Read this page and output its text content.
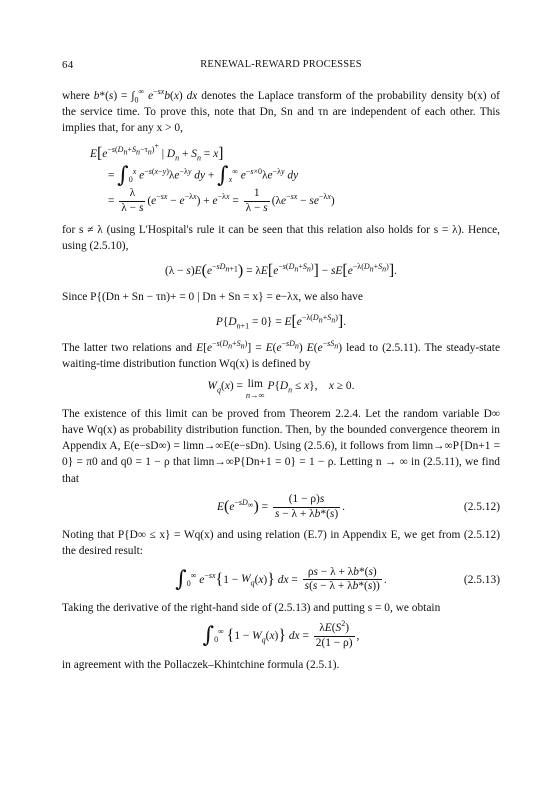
64	RENEWAL-REWARD PROCESSES

where $b*(s) = \int_0^\infty$ $e^{-sx}b(x)$ dx denotes the Laplace transform of the probability density b(x) of the service time. To prove this, note that Dn, Sn and τn are independent of each other. This implies that, for any x > 0,

$E[e^{-s(D_n+S_n-\tau_n)^+}$ | $D_n + S_n = x$]
= $\int_0^x$ $e^{-s(x-y)}\lambda e^{-\lambda y}$ dy + $\int_x^\infty$ $e^{-s\times 0}\lambda e^{-\lambda y}$ dy
= $\frac{\lambda}{\lambda - s} (e^{-sx} - e^{-\lambda x}) + e^{-\lambda x} = \frac{1}{\lambda - s} (\lambda e^{-sx} - se^{-\lambda x})$

for s ≠ λ (using L'Hospital's rule it can be seen that this relation also holds for s = λ). Hence, using (2.5.10),

$(\lambda - s)E(e^{-sD_{n+1}}) = \lambda E[e^{-s(D_n+S_n)}] - sE[e^{-\lambda(D_n+S_n)}]$.

Since P{(Dn + Sn − τn)+ = 0 | Dn + Sn = x} = e−λx, we also have

$P\{D_{n+1} = 0\} = E[e^{-\lambda(D_n+S_n)}]$.

The latter two relations and $E[e^{-s(D_n+S_n)}] = E(e^{-sD_n})$ $E(e^{-sS_n})$ lead to (2.5.11). The steady-state waiting-time distribution function Wq(x) is defined by

$W_q(x) = \lim$
n→∞
$P\{D_n \le x\}$,    x ≥ 0.

The existence of this limit can be proved from Theorem 2.2.4. Let the random variable D∞ have Wq(x) as probability distribution function. Then, by the bounded convergence theorem in Appendix A, E(e−sD∞) = limn→∞E(e−sDn). Using (2.5.6), it follows from limn→∞P{Dn+1 = 0} = π0 and q0 = 1 − ρ that limn→∞P{Dn+1 = 0} = 1 − ρ. Letting n → ∞ in (2.5.11), we find that

$E(e^{-sD_\infty}) = \frac{(1 - \rho)s}{s - \lambda + \lambda b*(s)}$ .	(2.5.12)

Noting that P{D∞ ≤ x} = Wq(x) and using relation (E.7) in Appendix E, we get from (2.5.12) the desired result:

$\int_0^\infty$ $e^{-sx}\{1 - W_q(x)\}$ dx = $\frac{\rho s - \lambda + \lambda b*(s)}{s(s - \lambda + \lambda b*(s))}$ .	(2.5.13)

Taking the derivative of the right-hand side of (2.5.13) and putting s = 0, we obtain

$\int_0^\infty$ $\{1 - W_q(x)\}$ dx = $\frac{\lambda E(S^2)}{2(1 - \rho)}$ ,

in agreement with the Pollaczek–Khintchine formula (2.5.1).
